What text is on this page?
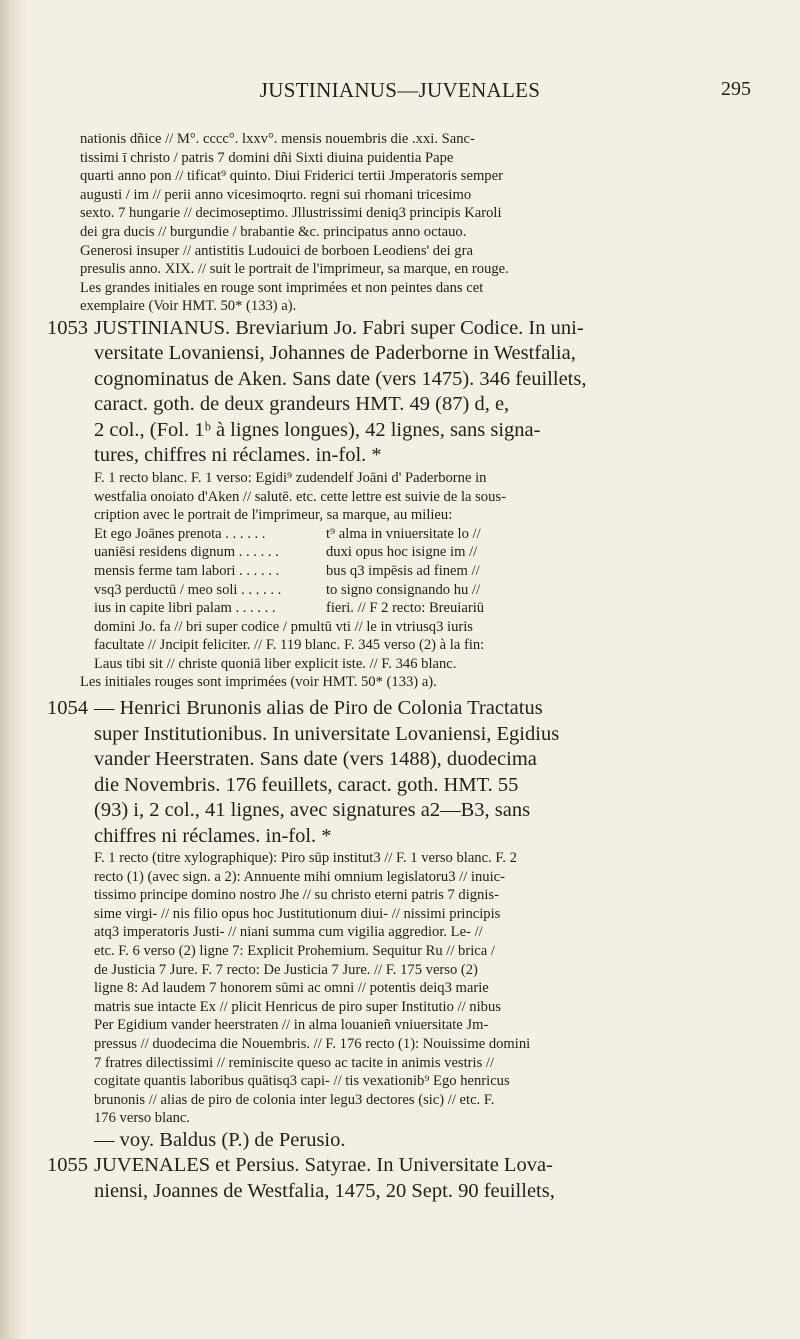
JUSTINIANUS—JUVENALES	295
nationis dñice // M°. cccc°. lxxv°. mensis nouembris die .xxi. Sanc-
tissimi ī christo / patris 7 domini dñi Sixti diuina puidentia Pape
quarti anno pon // tificat⁹ quinto. Diui Friderici tertii Jmperatoris semper
augusti / im // perii anno vicesimoqrto. regni sui rhomani tricesimo
sexto. 7 hungarie // decimoseptimo. Jllustrissimi deniq3 principis Karoli
dei gra ducis // burgundie / brabantie &c. principatus anno octauo.
Generosi insuper // antistitis Ludouici de borboen Leodiens' dei gra
presulis anno. XIX. // suit le portrait de l'imprimeur, sa marque, en rouge.
Les grandes initiales en rouge sont imprimées et non peintes dans cet
exemplaire (Voir HMT. 50* (133) a).
1053 JUSTINIANUS. Breviarium Jo. Fabri super Codice. In uni-
versitate Lovaniensi, Johannes de Paderborne in Westfalia,
cognominatus de Aken. Sans date (vers 1475). 346 feuillets,
caract. goth. de deux grandeurs HMT. 49 (87) d, e,
2 col., (Fol. 1ᵇ à lignes longues), 42 lignes, sans signa-
tures, chiffres ni réclames. in-fol. *
F. 1 recto blanc. F. 1 verso: Egidi⁹ zudendelf Joāni d' Paderborne in
westfalia onoiato d'Aken // salutē. etc. cette lettre est suivie de la sous-
cription avec le portrait de l'imprimeur, sa marque, au milieu:
Et ego Joānes prenota . . . . . .	t⁹ alma in vniuersitate lo //
uaniēsi residens dignum . . . . . .	duxi opus hoc isigne im //
mensis ferme tam labori . . . . . .	bus q3 impēsis ad finem //
vsq3 perductū / meo soli . . . . . .	to signo consignando hu //
ius in capite libri palam . . . . . .	fieri. // F 2 recto: Breuiariū
domini Jo. fa // bri super codice / pmultū vti // le in vtriusq3 iuris
facultate // Jncipit feliciter. // F. 119 blanc. F. 345 verso (2) à la fin:
Laus tibi sit // christe quoniā liber explicit iste. // F. 346 blanc.
Les initiales rouges sont imprimées (voir HMT. 50* (133) a).
1054 — Henrici Brunonis alias de Piro de Colonia Tractatus
super Institutionibus. In universitate Lovaniensi, Egidius
vander Heerstraten. Sans date (vers 1488), duodecima
die Novembris. 176 feuillets, caract. goth. HMT. 55
(93) i, 2 col., 41 lignes, avec signatures a2—B3, sans
chiffres ni réclames. in-fol. *
F. 1 recto (titre xylographique): Piro sūp institut3 // F. 1 verso blanc. F. 2
recto (1) (avec sign. a 2): Annuente mihi omnium legislatoru3 // inuic-
tissimo principe domino nostro Jhe // su christo eterni patris 7 dignis-
sime virgi- // nis filio opus hoc Justitutionum diui- // nissimi principis
atq3 imperatoris Justi- // niani summa cum vigilia aggredior. Le- //
etc. F. 6 verso (2) ligne 7: Explicit Prohemium. Sequitur Ru // brica /
de Justicia 7 Jure. F. 7 recto: De Justicia 7 Jure. // F. 175 verso (2)
ligne 8: Ad laudem 7 honorem sūmi ac omni // potentis deiq3 marie
matris sue intacte Ex // plicit Henricus de piro super Institutio // nibus
Per Egidium vander heerstraten // in alma louanieñ vniuersitate Jm-
pressus // duodecima die Nouembris. // F. 176 recto (1): Nouissime domini
7 fratres dilectissimi // reminiscite queso ac tacite in animis vestris //
cogitate quantis laboribus quātisq3 capi- // tis vexationib⁹ Ego henricus
brunonis // alias de piro de colonia inter legu3 dectores (sic) // etc. F.
176 verso blanc.
— voy. Baldus (P.) de Perusio.
1055 JUVENALES et Persius. Satyrae. In Universitate Lova-
niensi, Joannes de Westfalia, 1475, 20 Sept. 90 feuillets,
